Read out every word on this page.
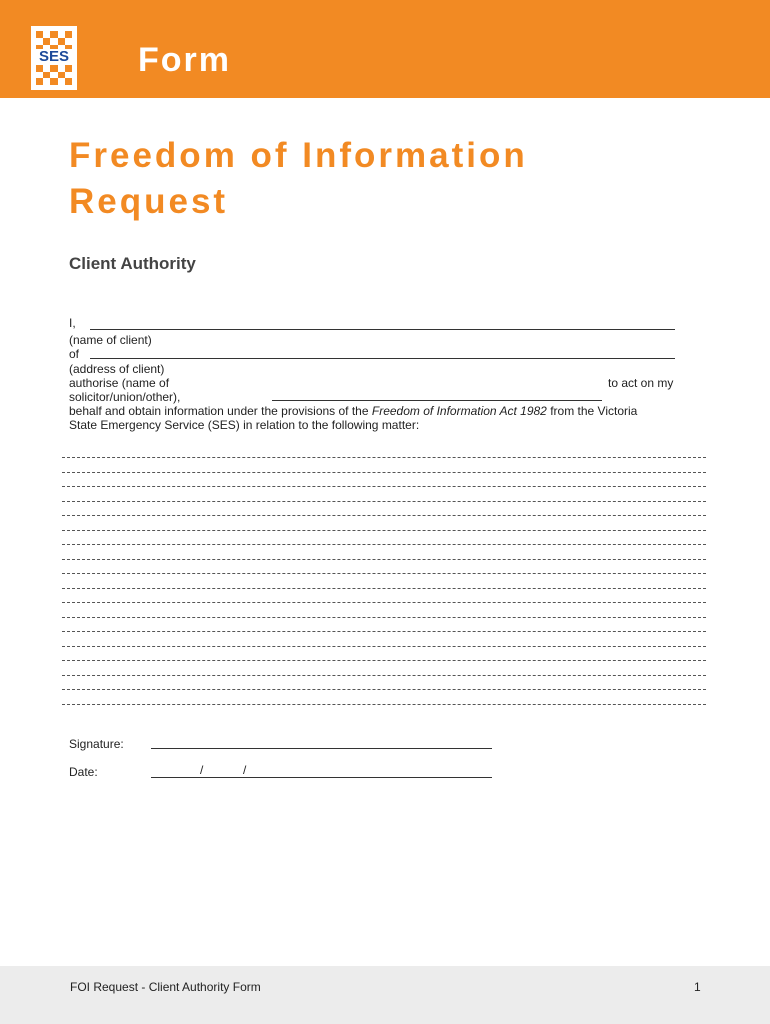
SES Form
Freedom of Information
Request
Client Authority
I,
(name of client)
of
(address of client)
authorise (name of	to act on my
solicitor/union/other),
behalf and obtain information under the provisions of the Freedom of Information Act 1982 from the Victoria
State Emergency Service (SES) in relation to the following matter:
Signature:
Date:	/	/
FOI Request - Client Authority Form	1
